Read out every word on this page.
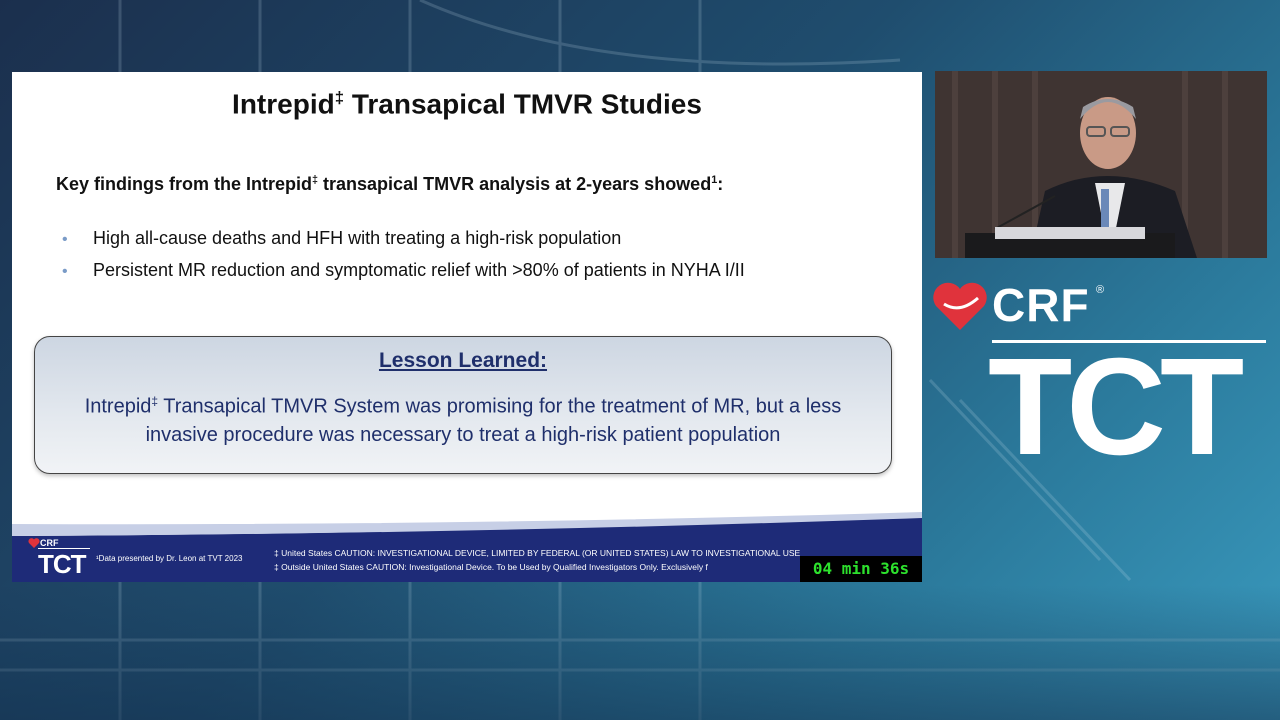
Intrepid‡ Transapical TMVR Studies
Key findings from the Intrepid‡ transapical TMVR analysis at 2-years showed$^1$:
• High all-cause deaths and HFH with treating a high-risk population
• Persistent MR reduction and symptomatic relief with >80% of patients in NYHA I/II
Lesson Learned:
Intrepid‡ Transapical TMVR System was promising for the treatment of MR, but a less invasive procedure was necessary to treat a high-risk patient population
CRF
TCT ¹Data presented by Dr. Leon at TVT 2023
‡ United States CAUTION: INVESTIGATIONAL DEVICE, LIMITED BY FEDERAL (OR UNITED STATES) LAW TO INVESTIGATIONAL USE
‡ Outside United States CAUTION: Investigational Device. To be Used by Qualified Investigators Only. Exclusively f	04 min 36s
CRF ®
TCT
